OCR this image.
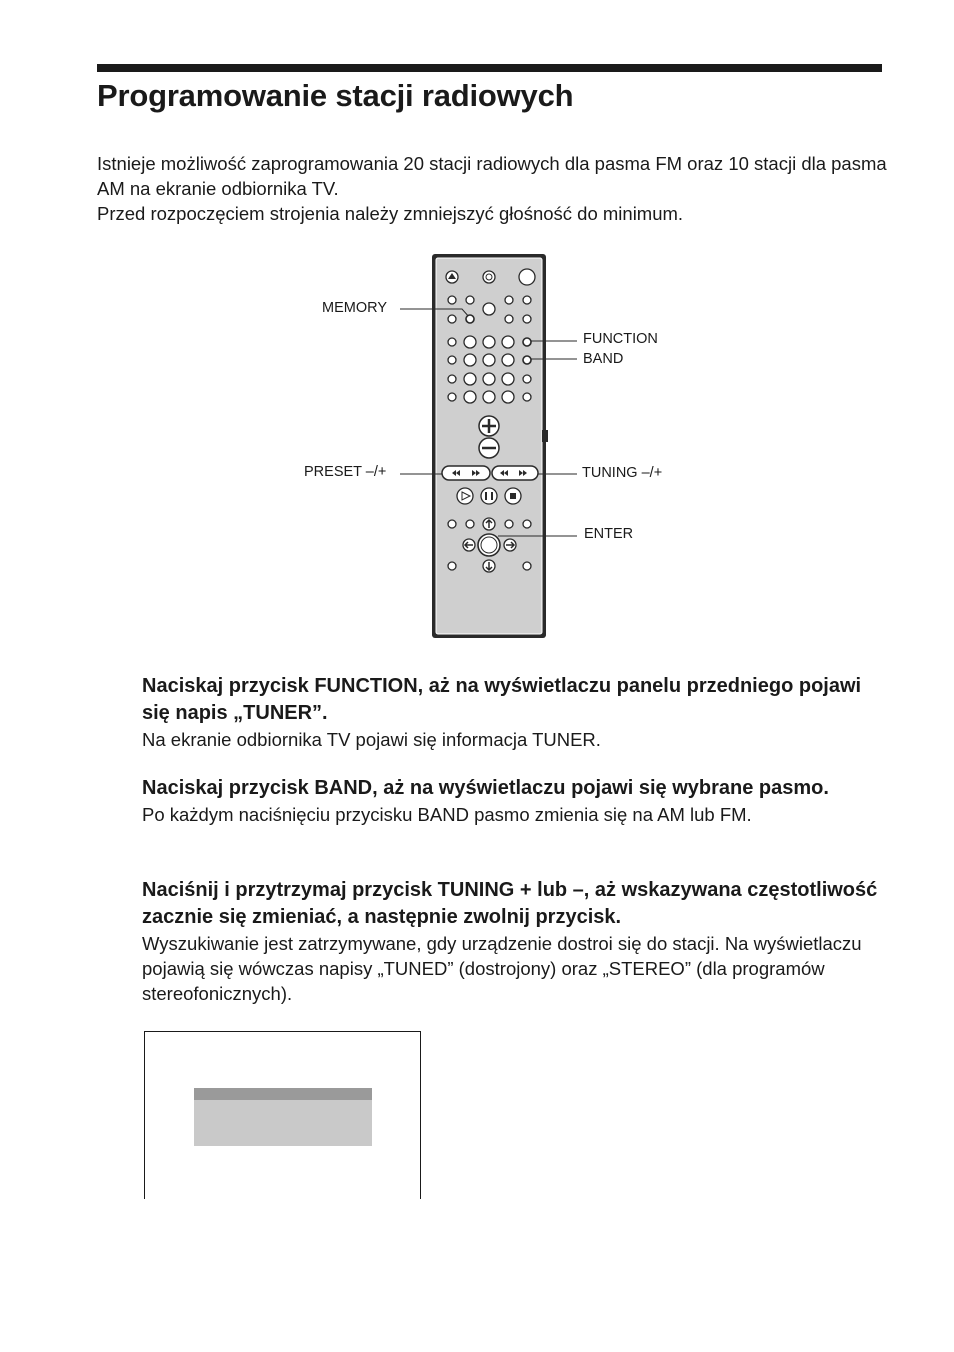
Programowanie stacji radiowych

Istnieje możliwość zaprogramowania 20 stacji radiowych dla pasma FM oraz 10 stacji dla pasma AM na ekranie odbiornika TV.

Przed rozpoczęciem strojenia należy zmniejszyć głośność do minimum.

MEMORY
FUNCTION
BAND
PRESET –/+	TUNING –/+
ENTER
Naciskaj przycisk FUNCTION, aż na wyświetlaczu panelu przedniego pojawi się napis „TUNER”.

Na ekranie odbiornika TV pojawi się informacja TUNER.

Naciskaj przycisk BAND, aż na wyświetlaczu pojawi się wybrane pasmo.

Po każdym naciśnięciu przycisku BAND pasmo zmienia się na AM lub FM.

Naciśnij i przytrzymaj przycisk TUNING + lub –, aż wskazywana częstotliwość zacznie się zmieniać, a następnie zwolnij przycisk.

Wyszukiwanie jest zatrzymywane, gdy urządzenie dostroi się do stacji. Na wyświetlaczu pojawią się wówczas napisy „TUNED” (dostrojony) oraz „STEREO” (dla programów stereofonicznych).
